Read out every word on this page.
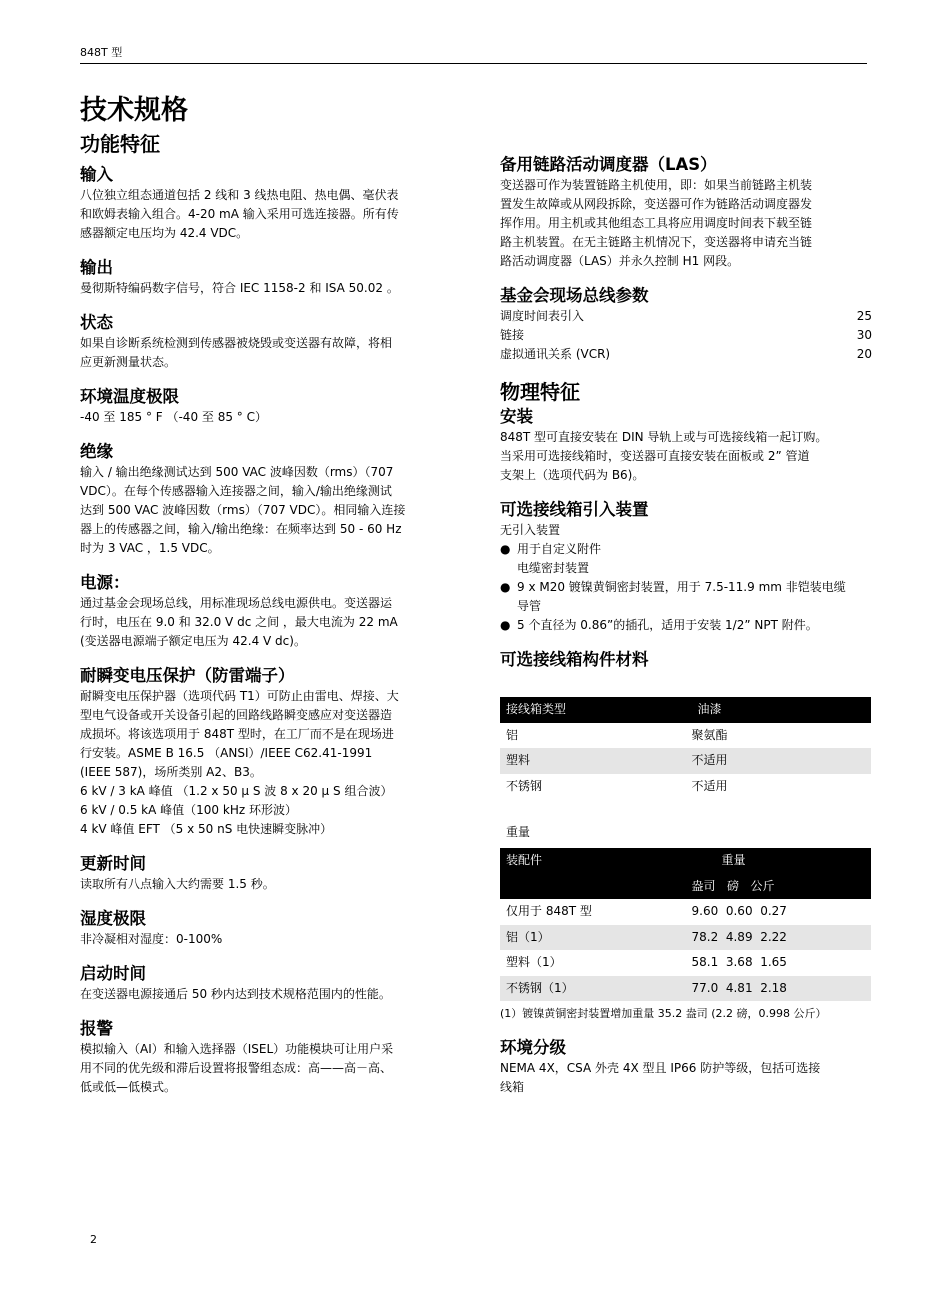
848T 型
技术规格
功能特征
输入
八位独立组态通道包括 2 线和 3 线热电阻、热电偶、毫伏表
和欧姆表输入组合。4-20 mA 输入采用可选连接器。所有传
感器额定电压均为 42.4 VDC。
输出
曼彻斯特编码数字信号，符合 IEC 1158-2 和 ISA 50.02 。
状态
如果自诊断系统检测到传感器被烧毁或变送器有故障，将相
应更新测量状态。
环境温度极限
-40 至 185 ° F （-40 至 85 ° C）
绝缘
输入 / 输出绝缘测试达到 500 VAC 波峰因数（rms）（707
VDC）。在每个传感器输入连接器之间，输入/输出绝缘测试
达到 500 VAC 波峰因数（rms）（707 VDC）。相同输入连接
器上的传感器之间，输入/输出绝缘：在频率达到 50 - 60 Hz
时为 3 VAC ，1.5 VDC。
电源：
通过基金会现场总线，用标准现场总线电源供电。变送器运
行时，电压在 9.0 和 32.0 V dc 之间 ，最大电流为 22 mA
(变送器电源端子额定电压为 42.4 V dc)。
耐瞬变电压保护（防雷端子）
耐瞬变电压保护器（选项代码 T1）可防止由雷电、焊接、大
型电气设备或开关设备引起的回路线路瞬变感应对变送器造
成损坏。将该选项用于 848T 型时，在工厂而不是在现场进
行安装。ASME B 16.5 （ANSI）/IEEE C62.41-1991
(IEEE 587)，场所类别 A2、B3。
6 kV / 3 kA 峰值 （1.2 x 50 μ S 波 8 x 20 μ S 组合波）
6 kV / 0.5 kA 峰值（100 kHz 环形波）
4 kV 峰值 EFT （5 x 50 nS 电快速瞬变脉冲）
更新时间
读取所有八点输入大约需要 1.5 秒。
湿度极限
非冷凝相对湿度：0-100%
启动时间
在变送器电源接通后 50 秒内达到技术规格范围内的性能。
报警
模拟输入（AI）和输入选择器（ISEL）功能模块可让用户采
用不同的优先级和滞后设置将报警组态成：高——高－高、
低或低—低模式。
备用链路活动调度器（LAS）
变送器可作为装置链路主机使用，即：如果当前链路主机装
置发生故障或从网段拆除，变送器可作为链路活动调度器发
挥作用。用主机或其他组态工具将应用调度时间表下载至链
路主机装置。在无主链路主机情况下，变送器将申请充当链
路活动调度器（LAS）并永久控制 H1 网段。
基金会现场总线参数
调度时间表引入	25
链接	30
虚拟通讯关系 (VCR)	20
物理特征
安装
848T 型可直接安装在 DIN 导轨上或与可选接线箱一起订购。
当采用可选接线箱时，变送器可直接安装在面板或 2” 管道
支架上（选项代码为 B6)。
可选接线箱引入装置

无引入装置

● 用于自定义附件
电缆密封装置
● 9 x M20 镀镍黄铜密封装置，用于 7.5-11.9 mm 非铠装电缆
导管
● 5 个直径为 0.86”的插孔，适用于安装 1/2” NPT 附件。
可选接线箱构件材料
接线箱类型	油漆
铝	聚氨酯
塑料	不适用
不锈钢	不适用
重量
装配件	重量
	盎司 磅 公斤
仅用于 848T 型	9.60 0.60 0.27
铝（1）	78.2 4.89 2.22
塑料（1）	58.1 3.68 1.65
不锈钢（1）	77.0 4.81 2.18
(1）镀镍黄铜密封装置增加重量 35.2 盎司 (2.2 磅，0.998 公斤）
环境分级
NEMA 4X，CSA 外壳 4X 型且 IP66 防护等级，包括可选接
线箱
2
